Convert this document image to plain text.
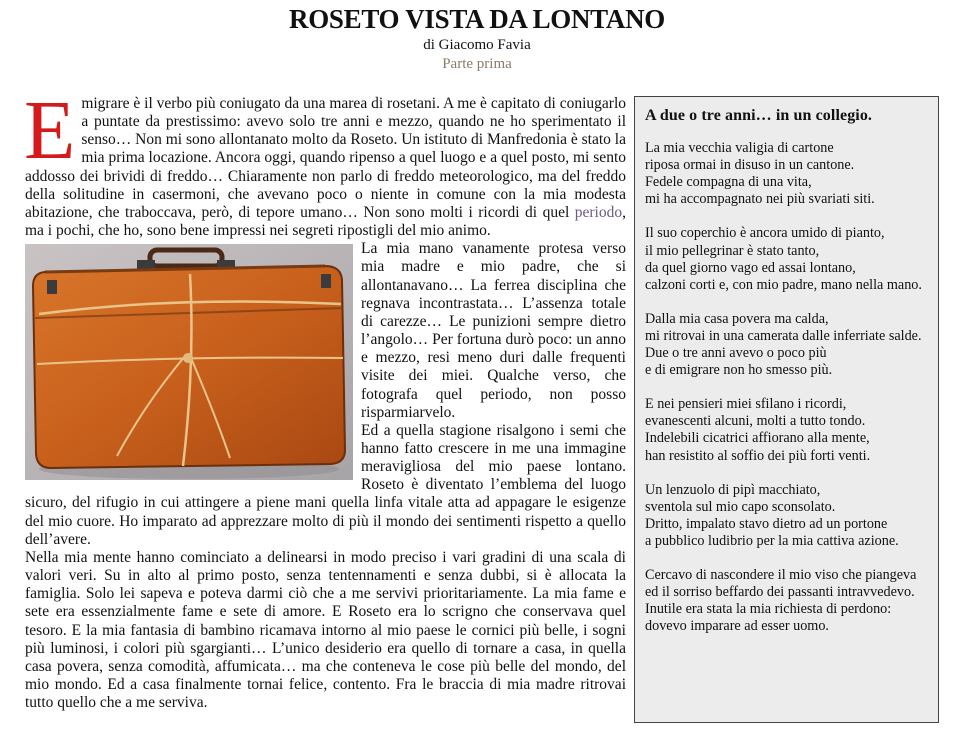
ROSETO VISTA DA LONTANO
di Giacomo Favia
Parte prima

Emigrare è il verbo più coniugato da una marea di rosetani. A me è capitato di coniugarlo a puntate da prestissimo: avevo solo tre anni e mezzo, quando ne ho sperimentato il senso… Non mi sono allontanato molto da Roseto. Un istituto di Manfredonia è stato la mia prima locazione. Ancora oggi, quando ripenso a quel luogo e a quel posto, mi sento addosso dei brividi di freddo… Chiaramente non parlo di freddo meteorologico, ma del freddo della solitudine in casermoni, che avevano poco o niente in comune con la mia modesta abitazione, che traboccava, però, di tepore umano… Non sono molti i ricordi di quel periodo, ma i pochi, che ho, sono bene impressi nei segreti ripostigli del mio animo.

La mia mano vanamente protesa verso mia madre e mio padre, che si allontanavano… La ferrea disciplina che regnava incontrastata… L’assenza totale di carezze… Le punizioni sempre dietro l’angolo… Per fortuna durò poco: un anno e mezzo, resi meno duri dalle frequenti visite dei miei. Qualche verso, che fotografa quel periodo, non posso risparmiarvelo.

Ed a quella stagione risalgono i semi che hanno fatto crescere in me una immagine meravigliosa del mio paese lontano. Roseto è diventato l’emblema del luogo sicuro, del rifugio in cui attingere a piene mani quella linfa vitale atta ad appagare le esigenze del mio cuore. Ho imparato ad apprezzare molto di più il mondo dei sentimenti rispetto a quello dell’avere.

Nella mia mente hanno cominciato a delinearsi in modo preciso i vari gradini di una scala di valori veri. Su in alto al primo posto, senza tentennamenti e senza dubbi, si è allocata la famiglia. Solo lei sapeva e poteva darmi ciò che a me servivi prioritariamente. La mia fame e sete era essenzialmente fame e sete di amore. E Roseto era lo scrigno che conservava quel tesoro. E la mia fantasia di bambino ricamava intorno al mio paese le cornici più belle, i sogni più luminosi, i colori più sgargianti… L’unico desiderio era quello di tornare a casa, in quella casa povera, senza comodità, affumicata… ma che conteneva le cose più belle del mondo, del mio mondo. Ed a casa finalmente tornai felice, contento. Fra le braccia di mia madre ritrovai tutto quello che a me serviva.

A due o tre anni… in un collegio.
La mia vecchia valigia di cartone
riposa ormai in disuso in un cantone.
Fedele compagna di una vita,
mi ha accompagnato nei più svariati siti.
Il suo coperchio è ancora umido di pianto,
il mio pellegrinar è stato tanto,
da quel giorno vago ed assai lontano,
calzoni corti e, con mio padre, mano nella mano.
Dalla mia casa povera ma calda,
mi ritrovai in una camerata dalle inferriate salde.
Due o tre anni avevo o poco più
e di emigrare non ho smesso più.
E nei pensieri miei sfilano i ricordi,
evanescenti alcuni, molti a tutto tondo.
Indelebili cicatrici affiorano alla mente,
han resistito al soffio dei più forti venti.
Un lenzuolo di pipì macchiato,
sventola sul mio capo sconsolato.
Dritto, impalato stavo dietro ad un portone
a pubblico ludibrio per la mia cattiva azione.
Cercavo di nascondere il mio viso che piangeva
ed il sorriso beffardo dei passanti intravvedevo.
Inutile era stata la mia richiesta di perdono:
dovevo imparare ad esser uomo.
